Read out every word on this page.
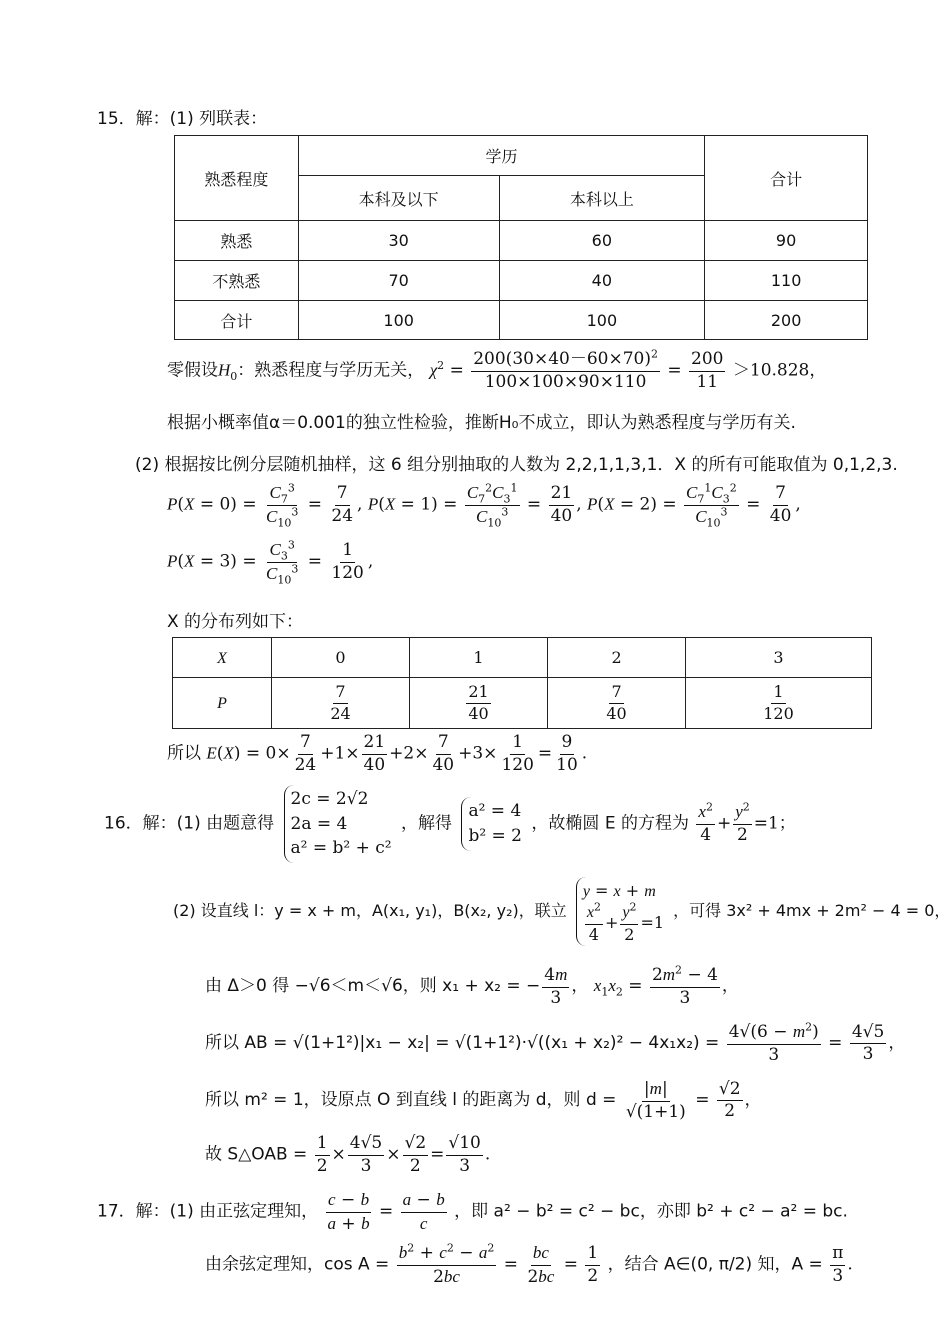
15．解：(1) 列联表：
熟悉程度	学历		合计
	本科及以下	本科以上	
熟悉	30	60	90
不熟悉	70	40	110
合计	100	100	200
零假设$H_0$：熟悉程度与学历无关， $\chi^2 = \frac{200(30\times 40-60\times 70)^2}{100\times 100\times 90\times 110} = \frac{200}{11} >10.828$，
根据小概率值α＝0.001的独立性检验，推断H₀不成立，即认为熟悉程度与学历有关.
(2) 根据按比例分层随机抽样，这 6 组分别抽取的人数为 2,2,1,1,3,1．X 的所有可能取值为 0,1,2,3.
$P(X = 0) = \frac{C_7^3}{C_{10}^3} = \frac{7}{24}$ , $P(X = 1) = \frac{C_7^2C_3^1}{C_{10}^3} = \frac{21}{40}$ , $P(X = 2) = \frac{C_7^1C_3^2}{C_{10}^3} = \frac{7}{40}$ ,
$P(X = 3) = \frac{C_3^3}{C_{10}^3} = \frac{1}{120}$ ,
X 的分布列如下：
X	0	1	2	3
P	$\frac{7}{24}$	$\frac{21}{40}$	$\frac{7}{40}$	$\frac{1}{120}$
所以 $E(X) = 0\times \frac{7}{24} +1\times \frac{21}{40} +2\times \frac{7}{40} +3\times \frac{1}{120} = \frac{9}{10}$ .
16．解：(1) 由题意得 2c = 2√2
2a = 4
a² = b² + c² ，解得 a² = 4
b² = 2 ，故椭圆 E 的方程为 $\frac{x^2}{4} + \frac{y^2}{2} =1$；
(2) 设直线 l：y = x + m，A(x₁, y₁)，B(x₂, y₂)，联立 y = x + m

$\frac{x^2}{4} + \frac{y^2}{2} =1$ ，可得 3x² + 4mx + 2m² − 4 = 0，
由 Δ＞0 得 −√6＜m＜√6，则 x₁ + x₂ = − $\frac{4m}{3}$ ， $x_1x_2 = \frac{2m^2 - 4}{3}$ ，
所以 AB = $√(1+1^2)|x_1 - x_2| = √(1+1^2)\cdot√((x_1 + x_2)^2 - 4x_1x_2) = \frac{4√(6 - m^2)}{3} = \frac{4√5}{3}$ ，
所以 m² = 1，设原点 O 到直线 l 的距离为 d，则 $d = \frac{|m|}{√(1+1)} = \frac{√2}{2}$ ，
故 S△OAB = $\frac{1}{2} \times \frac{4√5}{3} \times \frac{√2}{2} = \frac{√10}{3}$ .
17．解：(1) 由正弦定理知， $\frac{c - b}{a + b} = \frac{a - b}{c}$ ，即 a² − b² = c² − bc，亦即 b² + c² − a² = bc.
由余弦定理知，$\cos A = \frac{b^2 + c^2 - a^2}{2bc} = \frac{bc}{2bc} = \frac{1}{2}$ ，结合 A∈(0, π/2) 知，$A = \frac{\pi}{3}$ .
